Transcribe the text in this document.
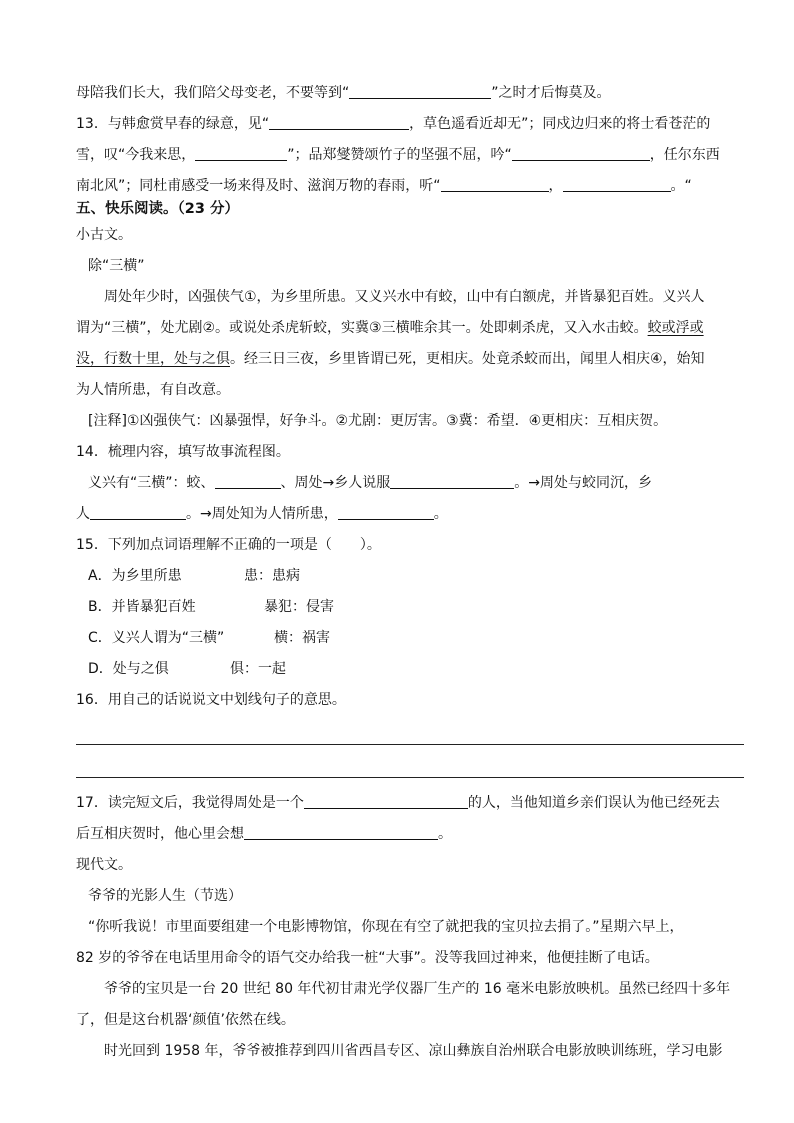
母陪我们长大，我们陪父母变老，不要等到“	”之时才后悔莫及。
13．与韩愈赏早春的绿意，见“	，草色遥看近却无”；同戍边归来的将士看苍茫的
雪，叹“今我来思，	”；品郑燮赞颂竹子的坚强不屈，吟“	，任尔东西
南北风”；同杜甫感受一场来得及时、滋润万物的春雨，听“	，	。“
五、快乐阅读。（23 分）
小古文。
除“三横”
周处年少时，凶强侠气①，为乡里所患。又义兴水中有蛟，山中有白额虎，并皆暴犯百姓。义兴人
谓为“三横”，处尤剧②。或说处杀虎斩蛟，实冀③三横唯余其一。处即刺杀虎，又入水击蛟。蛟或浮或
没，行数十里，处与之俱。经三日三夜，乡里皆谓已死，更相庆。处竟杀蛟而出，闻里人相庆④，始知
为人情所患，有自改意。
[注释]①凶强侠气：凶暴强悍，好争斗。②尤剧：更厉害。③冀：希望．④更相庆：互相庆贺。
14．梳理内容，填写故事流程图。
义兴有“三横”：蛟、	、周处→乡人说服	。→周处与蛟同沉，乡
人	。→周处知为人情所患，	。
15．下列加点词语理解不正确的一项是（　　）。
A．为乡里所患	患：患病
B．并皆暴犯百姓	暴犯：侵害
C．义兴人谓为“三横”	横：祸害
D．处与之俱	俱：一起
16．用自己的话说说文中划线句子的意思。
17．读完短文后，我觉得周处是一个	的人，当他知道乡亲们误认为他已经死去
后互相庆贺时，他心里会想	。
现代文。
爷爷的光影人生（节选）
“你听我说！市里面要组建一个电影博物馆，你现在有空了就把我的宝贝拉去捐了。”星期六早上，
82 岁的爷爷在电话里用命令的语气交办给我一桩“大事”。没等我回过神来，他便挂断了电话。
爷爷的宝贝是一台 20 世纪 80 年代初甘肃光学仪器厂生产的 16 毫米电影放映机。虽然已经四十多年
了，但是这台机器‘颜值’依然在线。
时光回到 1958 年，爷爷被推荐到四川省西昌专区、凉山彝族自治州联合电影放映训练班，学习电影
